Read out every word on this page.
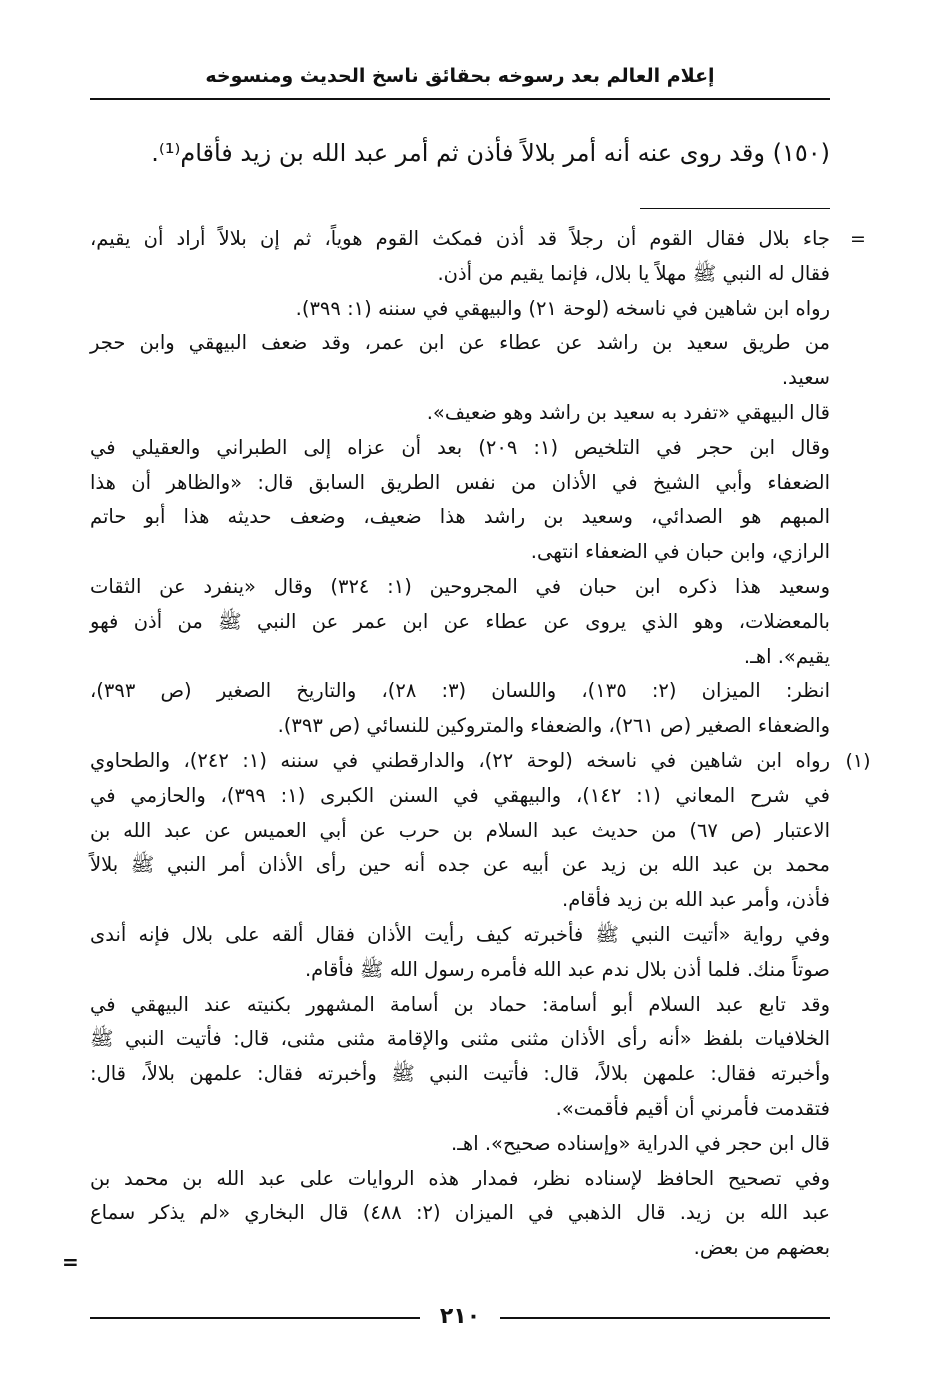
إعلام العالم بعد رسوخه بحقائق ناسخ الحديث ومنسوخه
(١٥٠) وقد روى عنه أنه أمر بلالاً فأذن ثم أمر عبد الله بن زيد فأقام⁽¹⁾.
=
جاء بلال فقال القوم أن رجلاً قد أذن فمكث القوم هوياً، ثم إن بلالاً أراد أن يقيم،
فقال له النبي ﷺ مهلاً يا بلال، فإنما يقيم من أذن.
رواه ابن شاهين في ناسخه (لوحة ٢١) والبيهقي في سننه (١: ٣٩٩).
من طريق سعيد بن راشد عن عطاء عن ابن عمر، وقد ضعف البيهقي وابن حجر
سعيد.
قال البيهقي «تفرد به سعيد بن راشد وهو ضعيف».
وقال ابن حجر في التلخيص (١: ٢٠٩) بعد أن عزاه إلى الطبراني والعقيلي في
الضعفاء وأبي الشيخ في الأذان من نفس الطريق السابق قال: «والظاهر أن هذا
المبهم هو الصدائي، وسعيد بن راشد هذا ضعيف، وضعف حديثه هذا أبو حاتم
الرازي، وابن حبان في الضعفاء انتهى.
وسعيد هذا ذكره ابن حبان في المجروحين (١: ٣٢٤) وقال «ينفرد عن الثقات
بالمعضلات، وهو الذي يروى عن عطاء عن ابن عمر عن النبي ﷺ من أذن فهو
يقيم». اهـ.
انظر: الميزان (٢: ١٣٥)، واللسان (٣: ٢٨)، والتاريخ الصغير (ص ٣٩٣)،
والضعفاء الصغير (ص ٢٦١)، والضعفاء والمتروكين للنسائي (ص ٣٩٣).
(١)
رواه ابن شاهين في ناسخه (لوحة ٢٢)، والدارقطني في سننه (١: ٢٤٢)، والطحاوي
في شرح المعاني (١: ١٤٢)، والبيهقي في السنن الكبرى (١: ٣٩٩)، والحازمي في
الاعتبار (ص ٦٧) من حديث عبد السلام بن حرب عن أبي العميس عن عبد الله بن
محمد بن عبد الله بن زيد عن أبيه عن جده أنه حين رأى الأذان أمر النبي ﷺ بلالاً
فأذن، وأمر عبد الله بن زيد فأقام.
وفي رواية «أتيت النبي ﷺ فأخبرته كيف رأيت الأذان فقال ألقه على بلال فإنه أندى
صوتاً منك. فلما أذن بلال ندم عبد الله فأمره رسول الله ﷺ فأقام.
وقد تابع عبد السلام أبو أسامة: حماد بن أسامة المشهور بكنيته عند البيهقي في
الخلافيات بلفظ «أنه رأى الأذان مثنى مثنى والإقامة مثنى مثنى، قال: فأتيت النبي ﷺ
وأخبرته فقال: علمهن بلالاً، قال: فأتيت النبي ﷺ وأخبرته فقال: علمهن بلالاً، قال:
فتقدمت فأمرني أن أقيم فأقمت».
قال ابن حجر في الدراية «وإسناده صحيح». اهـ.
وفي تصحيح الحافظ لإسناده نظر، فمدار هذه الروايات على عبد الله بن محمد بن
عبد الله بن زيد. قال الذهبي في الميزان (٢: ٤٨٨) قال البخاري «لم يذكر سماع
بعضهم من بعض.
=
٢١٠
